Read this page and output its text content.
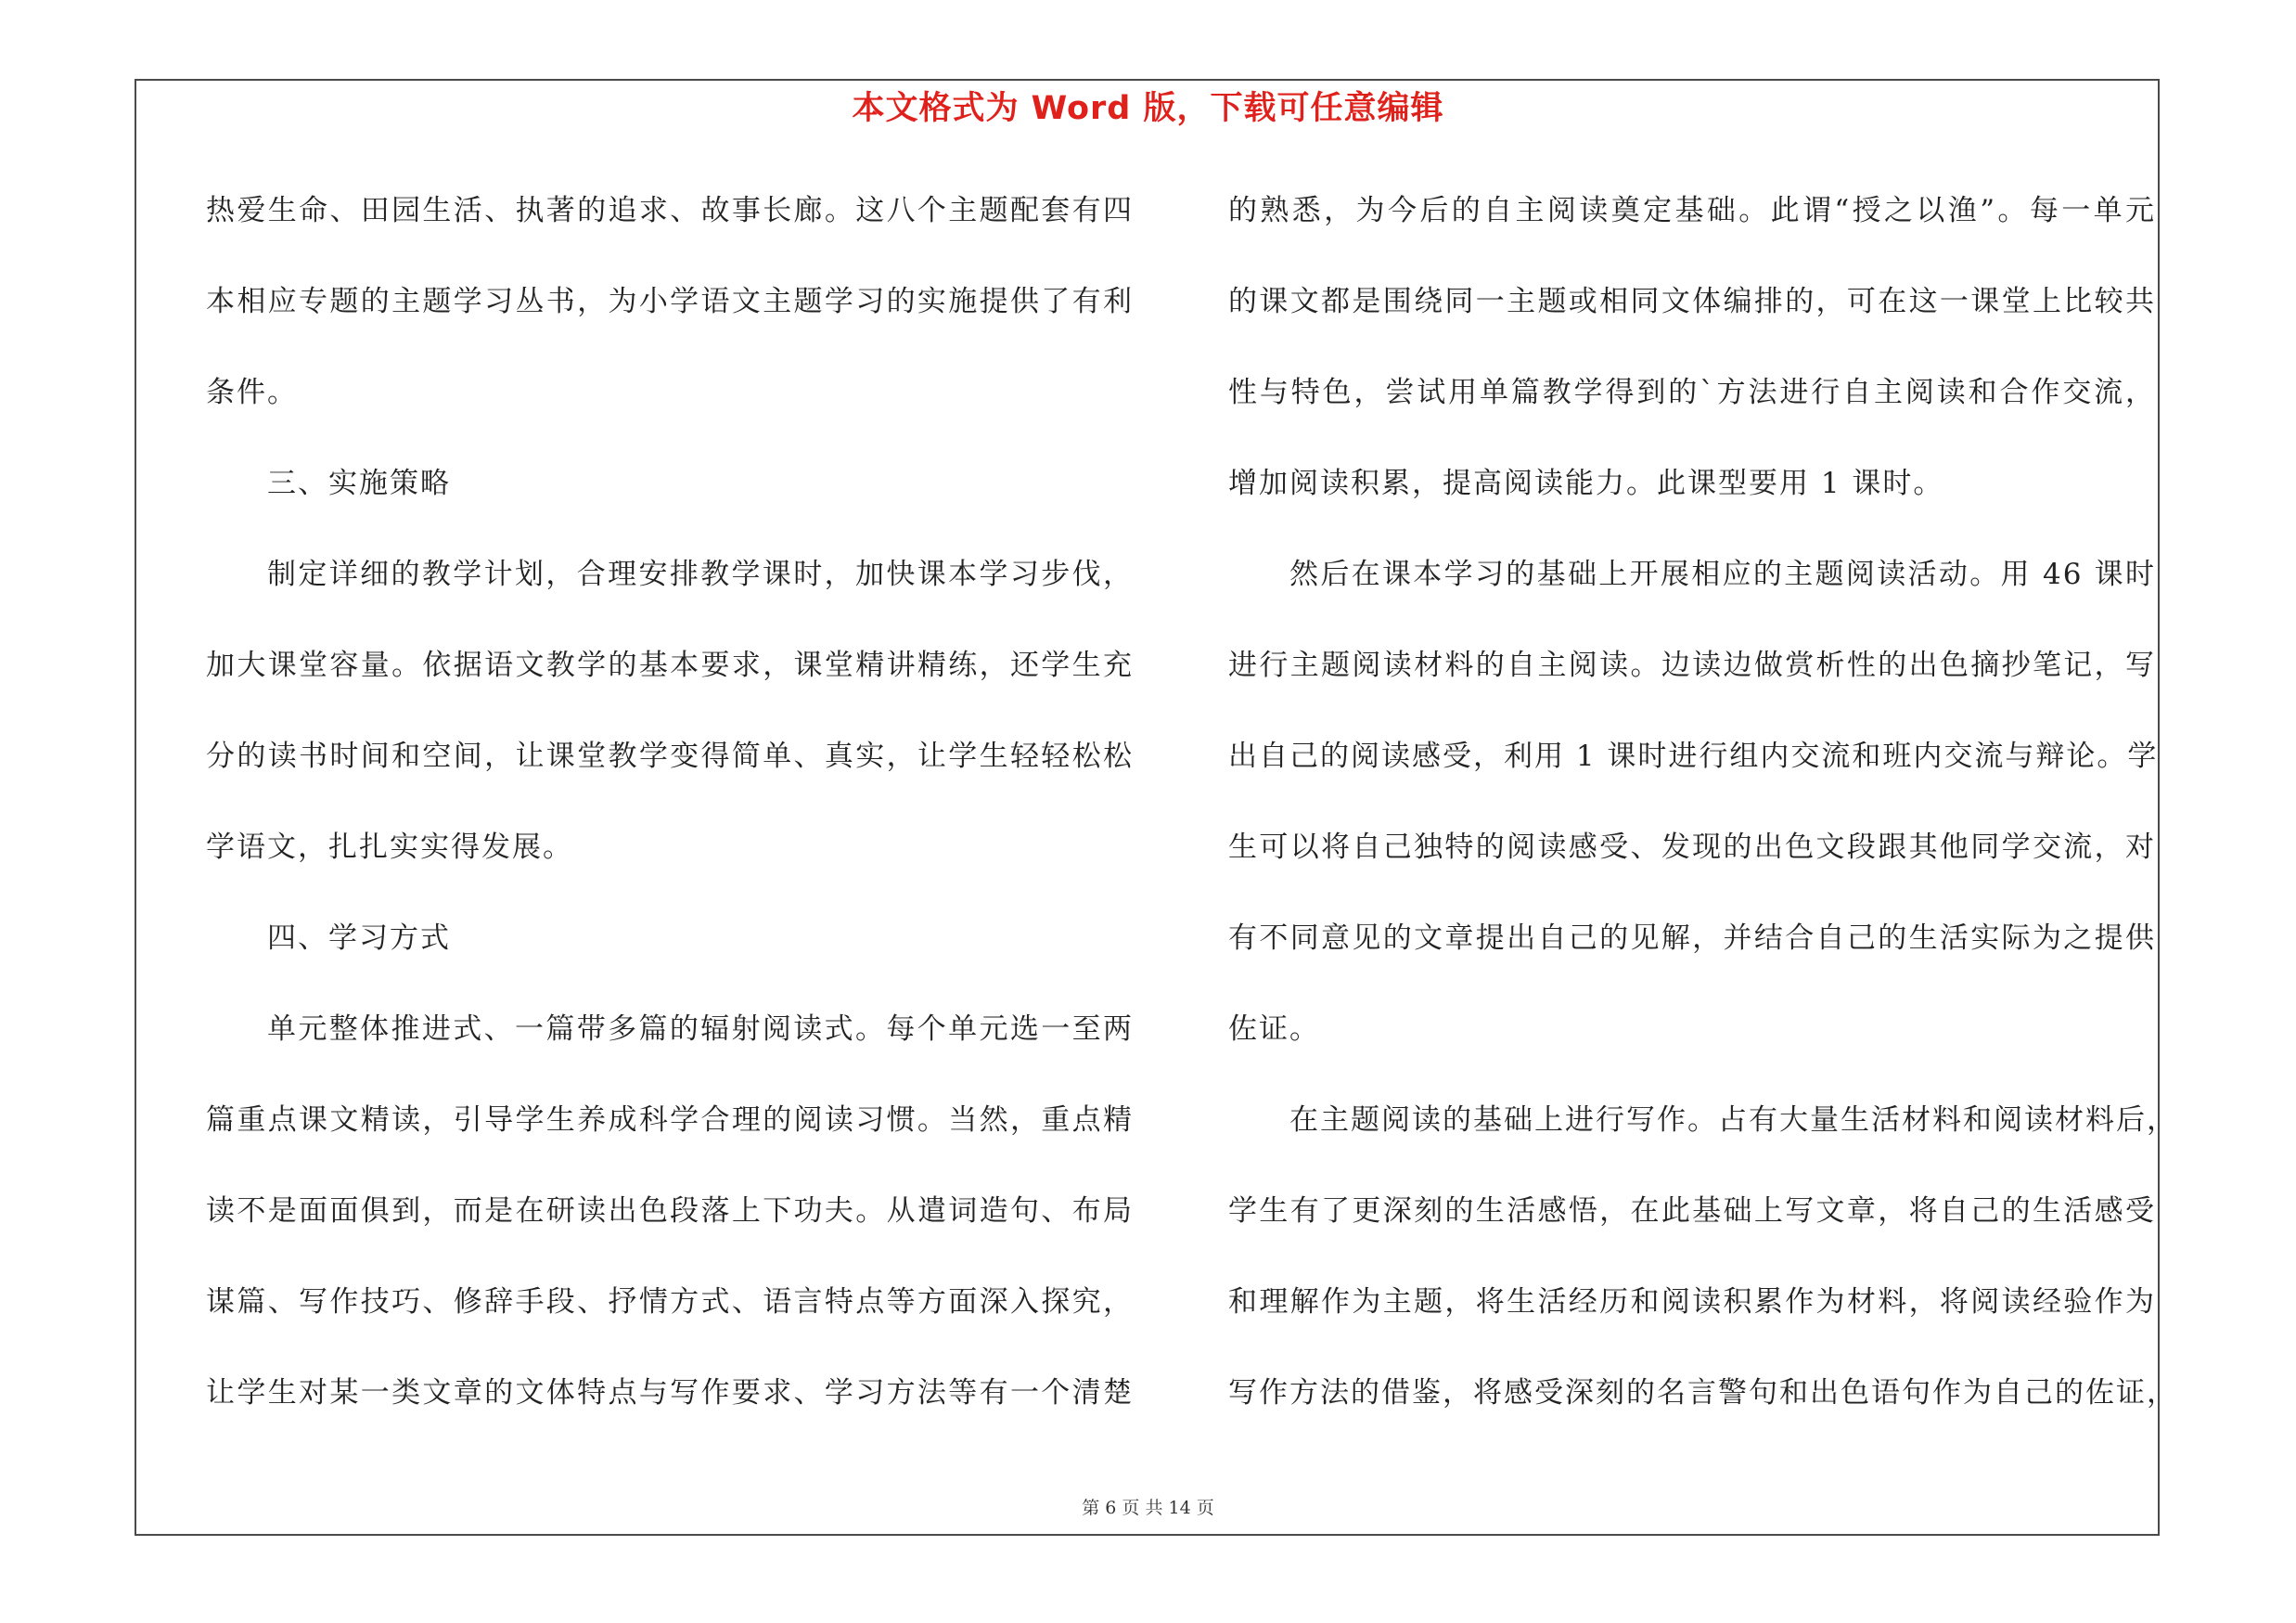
本文格式为 Word 版，下载可任意编辑
热爱生命、田园生活、执著的追求、故事长廊。这八个主题配套有四
本相应专题的主题学习丛书，为小学语文主题学习的实施提供了有利
条件。
三、实施策略
制定详细的教学计划，合理安排教学课时，加快课本学习步伐，
加大课堂容量。依据语文教学的基本要求，课堂精讲精练，还学生充
分的读书时间和空间，让课堂教学变得简单、真实，让学生轻轻松松
学语文，扎扎实实得发展。
四、学习方式
单元整体推进式、一篇带多篇的辐射阅读式。每个单元选一至两
篇重点课文精读，引导学生养成科学合理的阅读习惯。当然，重点精
读不是面面俱到，而是在研读出色段落上下功夫。从遣词造句、布局
谋篇、写作技巧、修辞手段、抒情方式、语言特点等方面深入探究，
让学生对某一类文章的文体特点与写作要求、学习方法等有一个清楚
的熟悉，为今后的自主阅读奠定基础。此谓“授之以渔”。每一单元
的课文都是围绕同一主题或相同文体编排的，可在这一课堂上比较共
性与特色，尝试用单篇教学得到的`方法进行自主阅读和合作交流，
增加阅读积累，提高阅读能力。此课型要用 1 课时。
然后在课本学习的基础上开展相应的主题阅读活动。用 46 课时
进行主题阅读材料的自主阅读。边读边做赏析性的出色摘抄笔记，写
出自己的阅读感受，利用 1 课时进行组内交流和班内交流与辩论。学
生可以将自己独特的阅读感受、发现的出色文段跟其他同学交流，对
有不同意见的文章提出自己的见解，并结合自己的生活实际为之提供
佐证。
在主题阅读的基础上进行写作。占有大量生活材料和阅读材料后，
学生有了更深刻的生活感悟，在此基础上写文章，将自己的生活感受
和理解作为主题，将生活经历和阅读积累作为材料，将阅读经验作为
写作方法的借鉴，将感受深刻的名言警句和出色语句作为自己的佐证，
第 6 页 共 14 页
